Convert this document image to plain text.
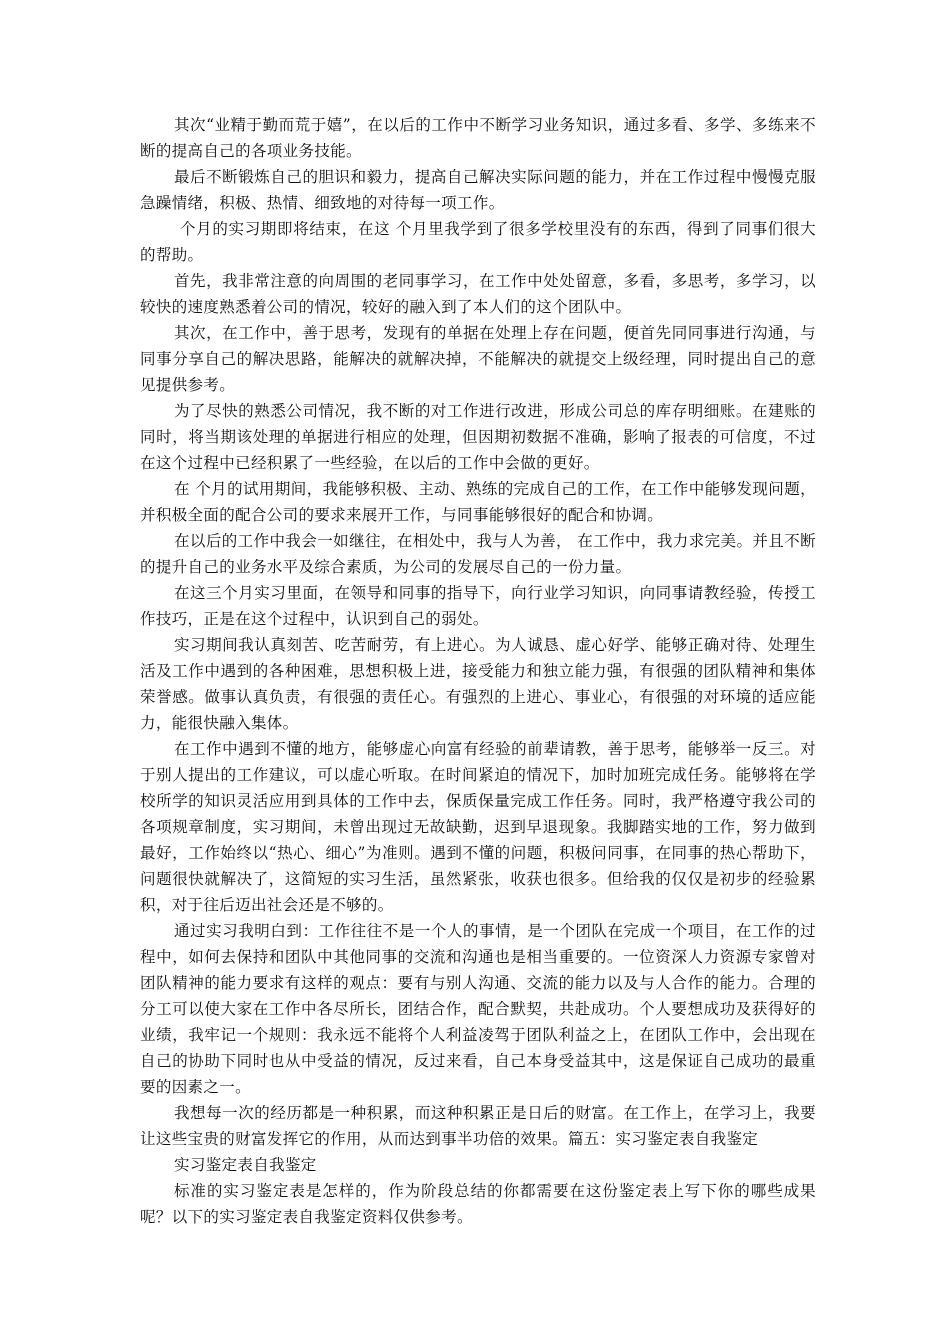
其次“业精于勤而荒于嬉”，在以后的工作中不断学习业务知识，通过多看、多学、多练来不断的提高自己的各项业务技能。

最后不断锻炼自己的胆识和毅力，提高自己解决实际问题的能力，并在工作过程中慢慢克服急躁情绪，积极、热情、细致地的对待每一项工作。

个月的实习期即将结束，在这 个月里我学到了很多学校里没有的东西，得到了同事们很大的帮助。

首先，我非常注意的向周围的老同事学习，在工作中处处留意，多看，多思考，多学习，以较快的速度熟悉着公司的情况，较好的融入到了本人们的这个团队中。

其次，在工作中，善于思考，发现有的单据在处理上存在问题，便首先同同事进行沟通，与同事分享自己的解决思路，能解决的就解决掉，不能解决的就提交上级经理，同时提出自己的意见提供参考。

为了尽快的熟悉公司情况，我不断的对工作进行改进，形成公司总的库存明细账。在建账的同时，将当期该处理的单据进行相应的处理，但因期初数据不准确，影响了报表的可信度，不过在这个过程中已经积累了一些经验，在以后的工作中会做的更好。

在 个月的试用期间，我能够积极、主动、熟练的完成自己的工作，在工作中能够发现问题，并积极全面的配合公司的要求来展开工作，与同事能够很好的配合和协调。

在以后的工作中我会一如继往，在相处中，我与人为善， 在工作中，我力求完美。并且不断的提升自己的业务水平及综合素质，为公司的发展尽自己的一份力量。

在这三个月实习里面，在领导和同事的指导下，向行业学习知识，向同事请教经验，传授工作技巧，正是在这个过程中，认识到自己的弱处。

实习期间我认真刻苦、吃苦耐劳，有上进心。为人诚恳、虚心好学、能够正确对待、处理生活及工作中遇到的各种困难，思想积极上进，接受能力和独立能力强，有很强的团队精神和集体荣誉感。做事认真负责，有很强的责任心。有强烈的上进心、事业心，有很强的对环境的适应能力，能很快融入集体。

在工作中遇到不懂的地方，能够虚心向富有经验的前辈请教，善于思考，能够举一反三。对于别人提出的工作建议，可以虚心听取。在时间紧迫的情况下，加时加班完成任务。能够将在学校所学的知识灵活应用到具体的工作中去，保质保量完成工作任务。同时，我严格遵守我公司的各项规章制度，实习期间，未曾出现过无故缺勤，迟到早退现象。我脚踏实地的工作，努力做到最好，工作始终以“热心、细心”为准则。遇到不懂的问题，积极问同事，在同事的热心帮助下，问题很快就解决了，这简短的实习生活，虽然紧张，收获也很多。但给我的仅仅是初步的经验累积，对于往后迈出社会还是不够的。

通过实习我明白到：工作往往不是一个人的事情，是一个团队在完成一个项目，在工作的过程中，如何去保持和团队中其他同事的交流和沟通也是相当重要的。一位资深人力资源专家曾对团队精神的能力要求有这样的观点：要有与别人沟通、交流的能力以及与人合作的能力。合理的分工可以使大家在工作中各尽所长，团结合作，配合默契，共赴成功。个人要想成功及获得好的业绩，我牢记一个规则：我永远不能将个人利益凌驾于团队利益之上，在团队工作中，会出现在自己的协助下同时也从中受益的情况，反过来看，自己本身受益其中，这是保证自己成功的最重要的因素之一。

我想每一次的经历都是一种积累，而这种积累正是日后的财富。在工作上，在学习上，我要让这些宝贵的财富发挥它的作用，从而达到事半功倍的效果。篇五：实习鉴定表自我鉴定

实习鉴定表自我鉴定

标准的实习鉴定表是怎样的，作为阶段总结的你都需要在这份鉴定表上写下你的哪些成果呢？以下的实习鉴定表自我鉴定资料仅供参考。
